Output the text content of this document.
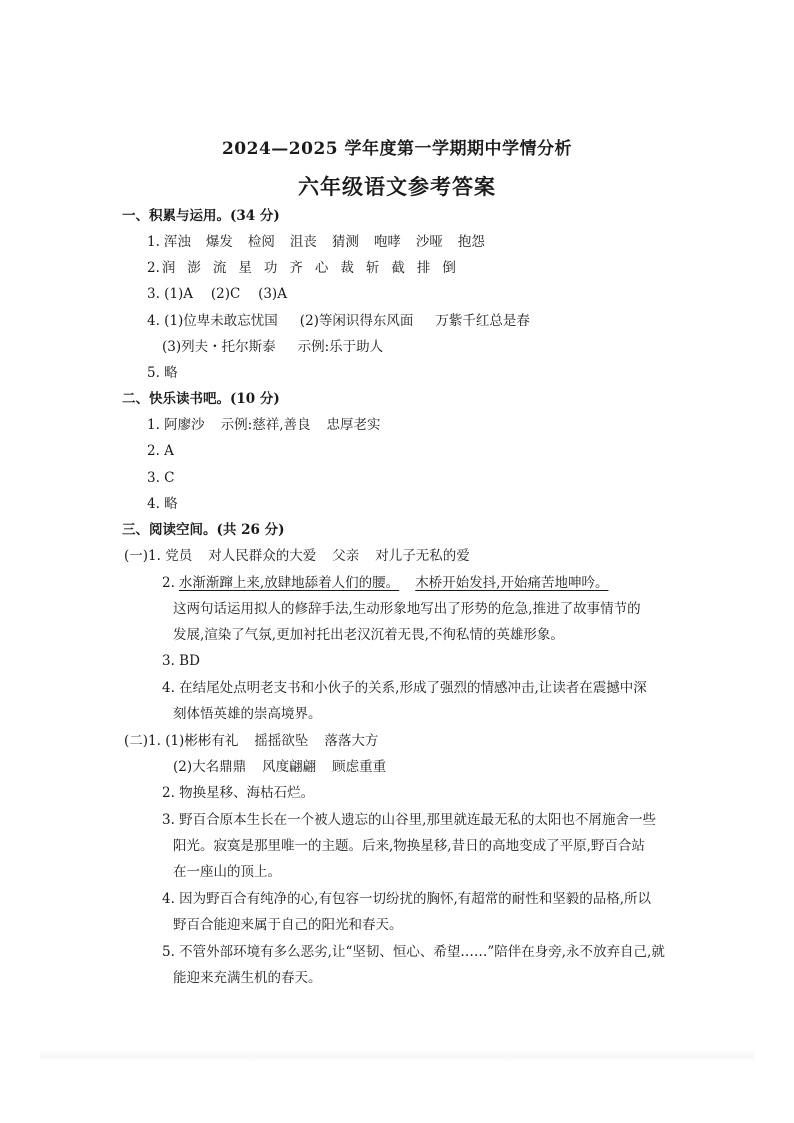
2024—2025 学年度第一学期期中学情分析
六年级语文参考答案
一、积累与运用。(34 分)
1. 浑浊 爆发 检阅 沮丧 猜测 咆哮 沙哑 抱怨
2. 润 澎 流 星 功 齐 心 裁 斩 截 排 倒
3. (1)A　 (2)C　 (3)A
4. (1)位卑未敢忘忧国 (2)等闲识得东风面 万紫千红总是春
(3)列夫・托尔斯泰 示例:乐于助人
5. 略
二、快乐读书吧。(10 分)
1. 阿廖沙 示例:慈祥,善良 忠厚老实
2. A
3. C
4. 略
三、阅读空间。(共 26 分)
(一)1. 党员 对人民群众的大爱 父亲 对儿子无私的爱
2. 水渐渐蹿上来,放肆地舔着人们的腰。 木桥开始发抖,开始痛苦地呻吟。
这两句话运用拟人的修辞手法,生动形象地写出了形势的危急,推进了故事情节的
发展,渲染了气氛,更加衬托出老汉沉着无畏,不徇私情的英雄形象。
3. BD
4. 在结尾处点明老支书和小伙子的关系,形成了强烈的情感冲击,让读者在震撼中深
刻体悟英雄的崇高境界。
(二)1. (1)彬彬有礼 摇摇欲坠 落落大方
(2)大名鼎鼎 风度翩翩 顾虑重重
2. 物换星移、海枯石烂。
3. 野百合原本生长在一个被人遗忘的山谷里,那里就连最无私的太阳也不屑施舍一些
阳光。寂寞是那里唯一的主题。后来,物换星移,昔日的高地变成了平原,野百合站
在一座山的顶上。
4. 因为野百合有纯净的心,有包容一切纷扰的胸怀,有超常的耐性和坚毅的品格,所以
野百合能迎来属于自己的阳光和春天。
5. 不管外部环境有多么恶劣,让“坚韧、恒心、希望……”陪伴在身旁,永不放弃自己,就
能迎来充满生机的春天。
